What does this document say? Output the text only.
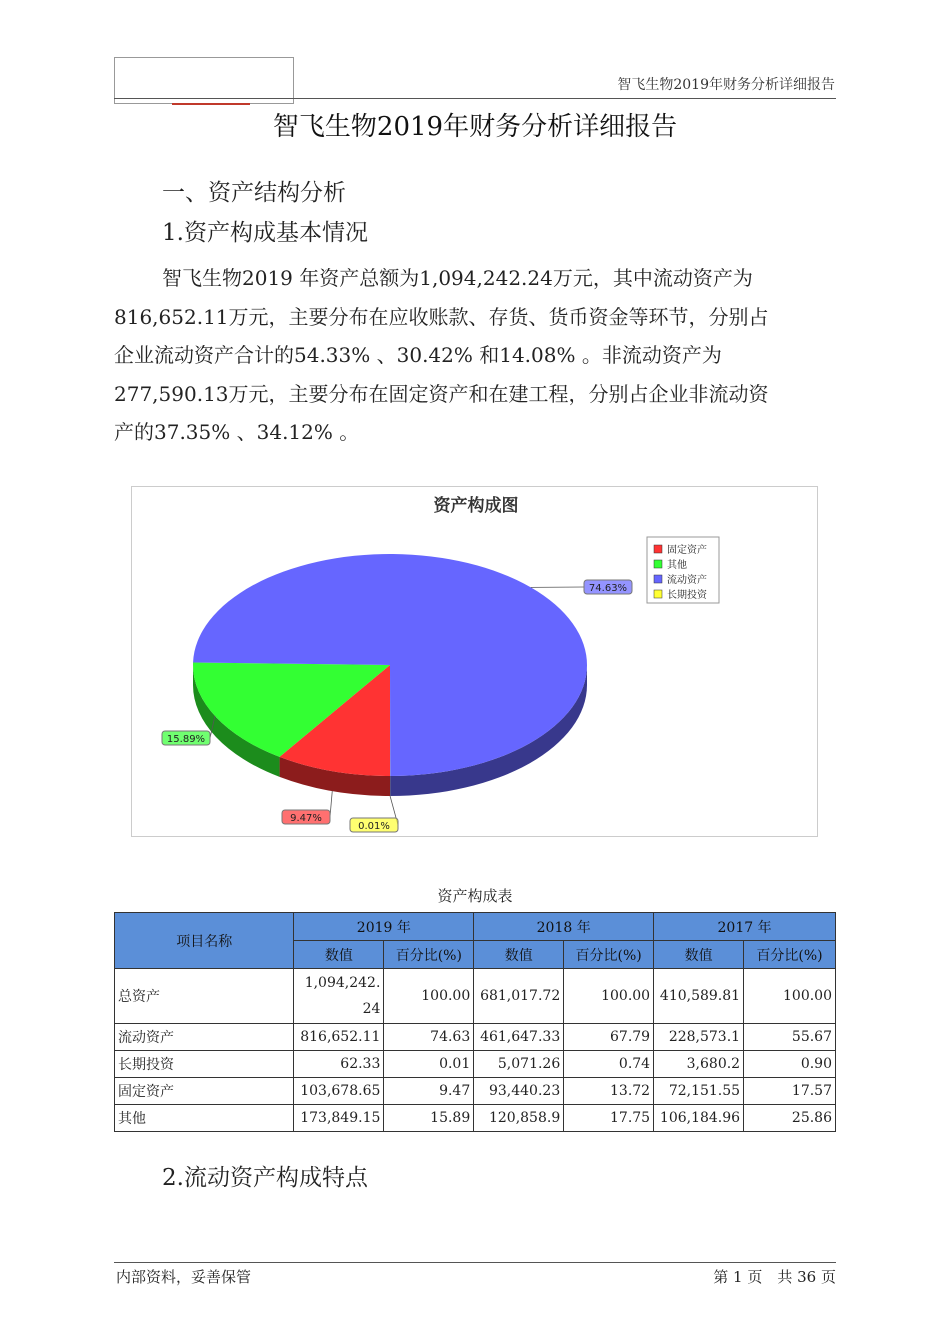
智飞生物2019年财务分析详细报告
智飞生物2019年财务分析详细报告
一、资产结构分析
1.资产构成基本情况
智飞生物2019 年资产总额为1,094,242.24万元，其中流动资产为
816,652.11万元，主要分布在应收账款、存货、货币资金等环节，分别占
企业流动资产合计的54.33% 、30.42% 和14.08% 。非流动资产为
277,590.13万元，主要分布在固定资产和在建工程，分别占企业非流动资
产的37.35% 、34.12% 。
资产构成图
固定资产
其他
流动资产
长期投资
9.47%
15.89%
74.63%
0.01%
资产构成表
项目名称	2019 年		2018 年		2017 年	
	数值	百分比(%)	数值	百分比(%)	数值	百分比(%)
总资产	1,094,242.24	100.00	681,017.72	100.00	410,589.81	100.00
流动资产	816,652.11	74.63	461,647.33	67.79	228,573.1	55.67
长期投资	62.33	0.01	5,071.26	0.74	3,680.2	0.90
固定资产	103,678.65	9.47	93,440.23	13.72	72,151.55	17.57
其他	173,849.15	15.89	120,858.9	17.75	106,184.96	25.86
2.流动资产构成特点
内部资料，妥善保管	第 1 页　共 36 页
